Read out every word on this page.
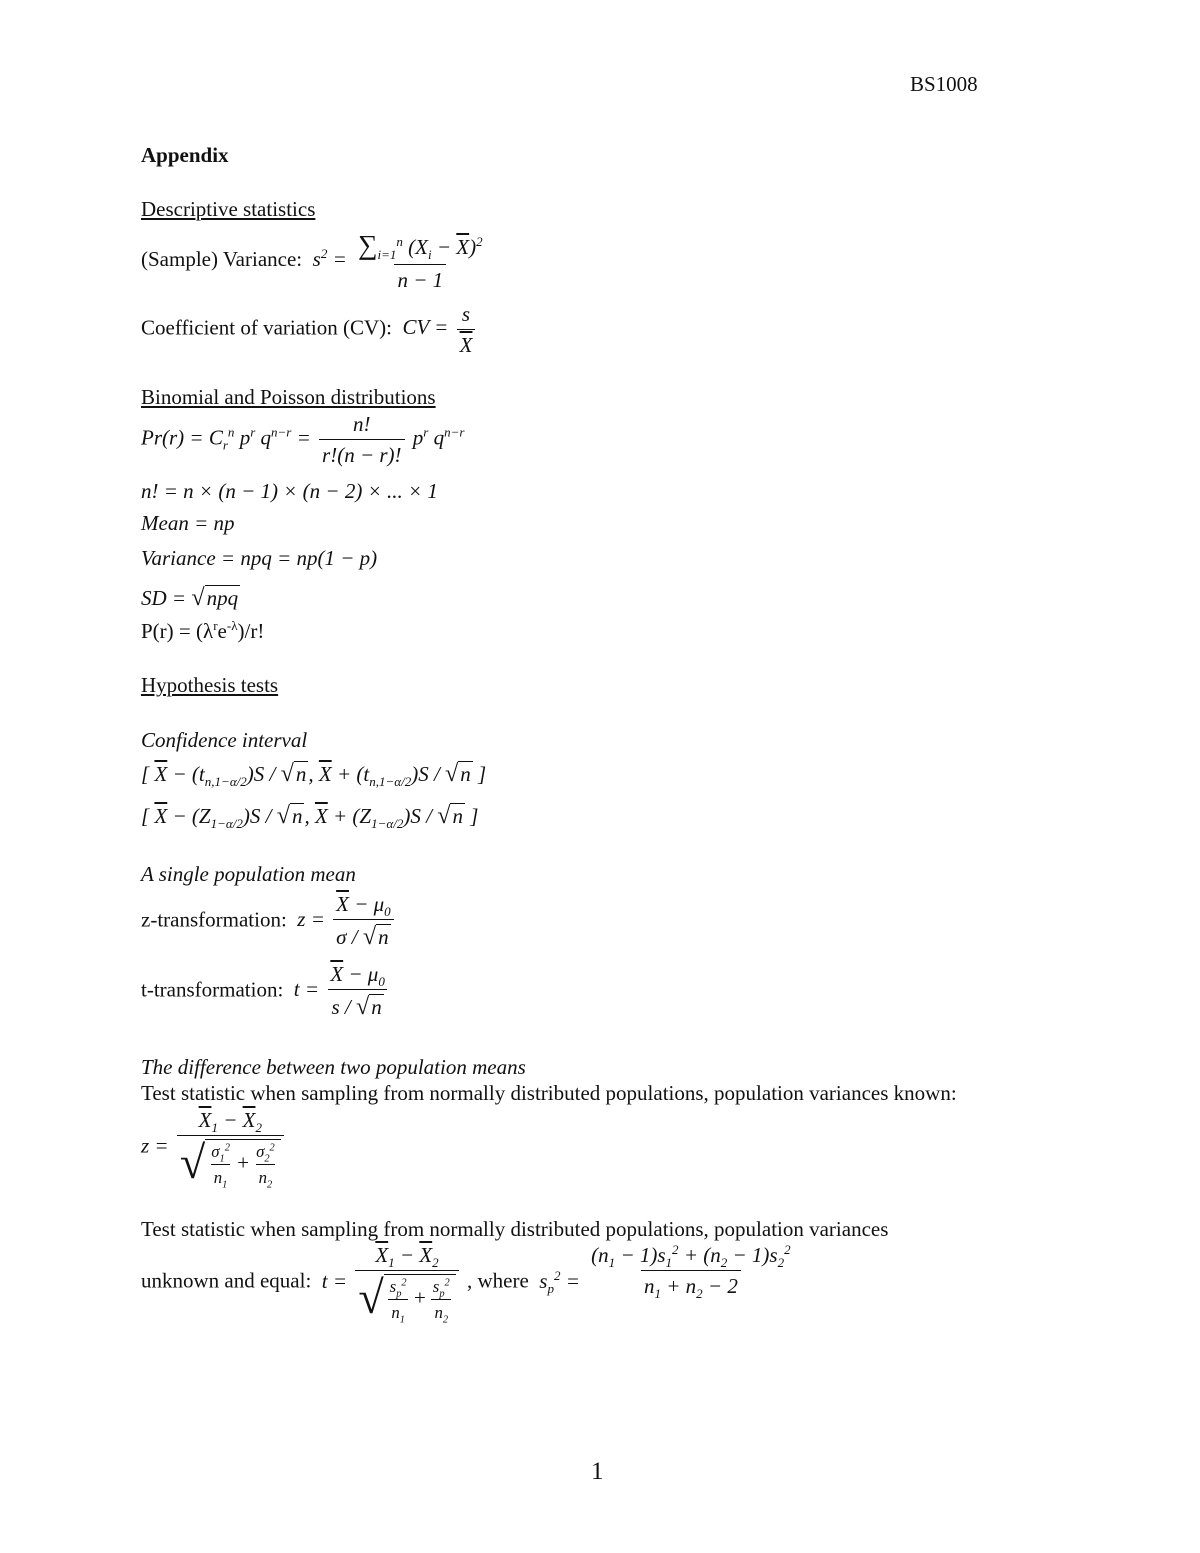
BS1008
Appendix
Descriptive statistics
(Sample) Variance:  $s^2 = \frac{\sum_{i=1}^n (X_i - \overline{X})^2}{n - 1}$
Coefficient of variation (CV):  CV = $\frac{s}{X}$
Binomial and Poisson distributions
$Pr(r) = C_r^n$ $p^r$ $q^{n-r} = \frac{n!}{r!(n - r)!} p^r$ $q^{n-r}$
n! = n × (n − 1) × (n − 2) × ... × 1
Mean = np
Variance = npq = np(1 − p)
SD = √npq
$P(r) = (\lambda^re^{-\lambda})/r$!
Hypothesis tests
Confidence interval
[ $\overline{X} - (t_{n,1-\alpha/2})S / √n$, $\overline{X} + (t_{n,1-\alpha/2})S / √n$ ]
[ $\overline{X} - (Z_{1-\alpha/2})S / √n$, $\overline{X} + (Z_{1-\alpha/2})S / √n$ ]
A single population mean
z-transformation:  $z = \frac{\overline{X} - \mu_0}{\sigma / √n}$
t-transformation:  $t = \frac{\overline{X} - \mu_0}{s / √n}$
The difference between two population means
Test statistic when sampling from normally distributed populations, population variances known:
$z = \frac{\overline{X}_1 - \overline{X}_2}{√ \frac{\sigma_1^2}{n_1} + \frac{\sigma_2^2}{n_2}}$
Test statistic when sampling from normally distributed populations, population variances
unknown and equal:  $t = \frac{\overline{X}_1 - \overline{X}_2}{√ \frac{s_p^2}{n_1} + \frac{s_p^2}{n_2}}$ , where  $s_p^2 = \frac{(n_1 - 1)s_1^2 + (n_2 - 1)s_2^2}{n_1 + n_2 - 2}$
1
